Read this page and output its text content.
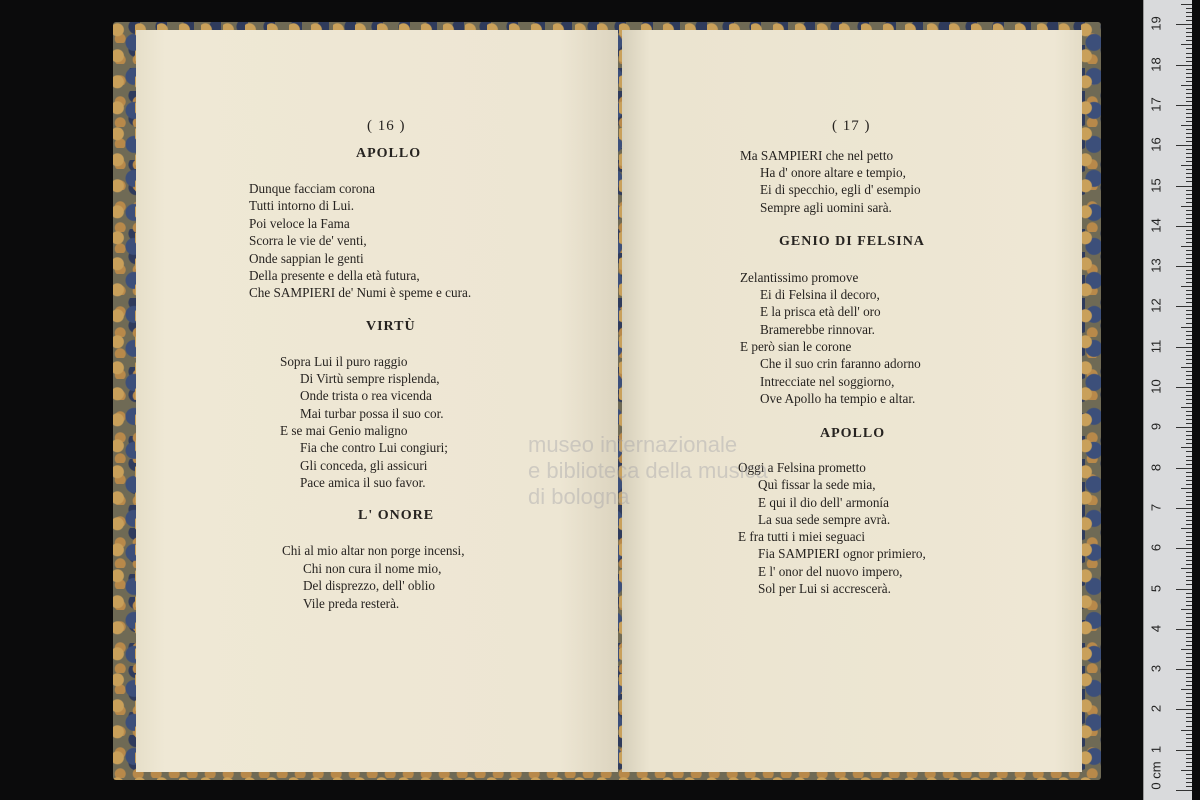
( 16 )
APOLLO
Dunque facciam corona
Tutti intorno di Lui.
Poi veloce la Fama
Scorra le vie de' venti,
Onde sappian le genti
Della presente e della età futura,
Che SAMPIERI de' Numi è speme e cura.
VIRTÙ
Sopra Lui il puro raggio
Di Virtù sempre risplenda,
Onde trista o rea vicenda
Mai turbar possa il suo cor.
E se mai Genio maligno
Fia che contro Lui congiuri;
Gli conceda, gli assicuri
Pace amica il suo favor.
L' ONORE
Chi al mio altar non porge incensi,
Chi non cura il nome mio,
Del disprezzo, dell' oblio
Vile preda resterà.
( 17 )
Ma SAMPIERI che nel petto
Ha d' onore altare e tempio,
Ei di specchio, egli d' esempio
Sempre agli uomini sarà.
GENIO DI FELSINA
Zelantissimo promove
Ei di Felsina il decoro,
E la prisca età dell' oro
Bramerebbe rinnovar.
E però sian le corone
Che il suo crin faranno adorno
Intrecciate nel soggiorno,
Ove Apollo ha tempio e altar.
APOLLO
Oggi a Felsina prometto
Quì fissar la sede mia,
E qui il dio dell' armonía
La sua sede sempre avrà.
E fra tutti i miei seguaci
Fia SAMPIERI ognor primiero,
E l' onor del nuovo impero,
Sol per Lui si accrescerà.
museo internazionale
e biblioteca della musica
di bologna
0 cm
1
2
3
4
5
6
7
8
9
10
11
12
13
14
15
16
17
18
19
